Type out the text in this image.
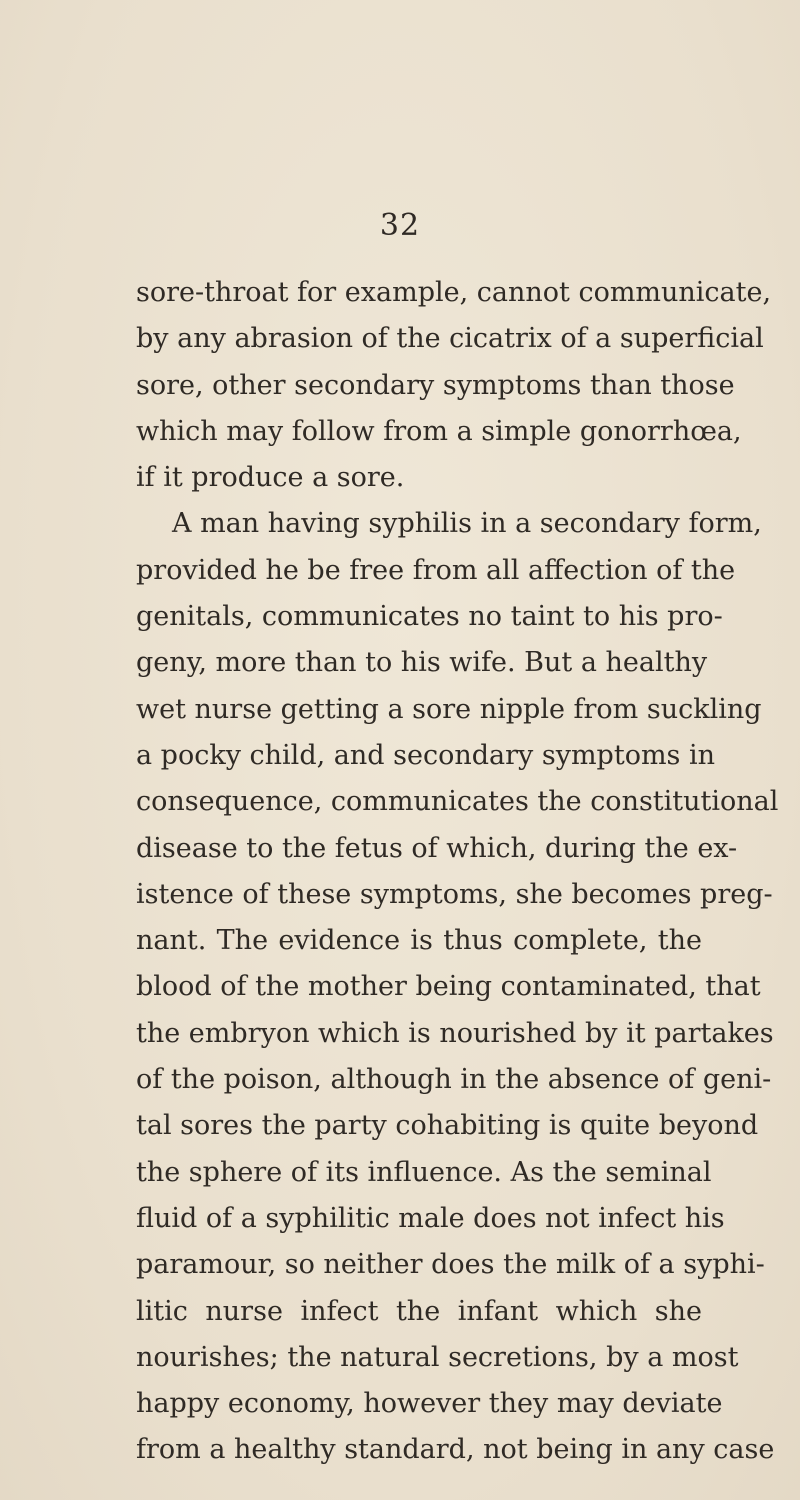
32
sore-throat for example, cannot communicate,
by any abrasion of the cicatrix of a superficial
sore, other secondary symptoms than those
which may follow from a simple gonorrhœa,
if it produce a sore.
A man having syphilis in a secondary form,
provided he be free from all affection of the
genitals, communicates no taint to his pro-
geny, more than to his wife. But a healthy
wet nurse getting a sore nipple from suckling
a pocky child, and secondary symptoms in
consequence, communicates the constitutional
disease to the fetus of which, during the ex-
istence of these symptoms, she becomes preg-
nant. The evidence is thus complete, the
blood of the mother being contaminated, that
the embryon which is nourished by it partakes
of the poison, although in the absence of geni-
tal sores the party cohabiting is quite beyond
the sphere of its influence. As the seminal
fluid of a syphilitic male does not infect his
paramour, so neither does the milk of a syphi-
litic nurse infect the infant which she
nourishes; the natural secretions, by a most
happy economy, however they may deviate
from a healthy standard, not being in any case
